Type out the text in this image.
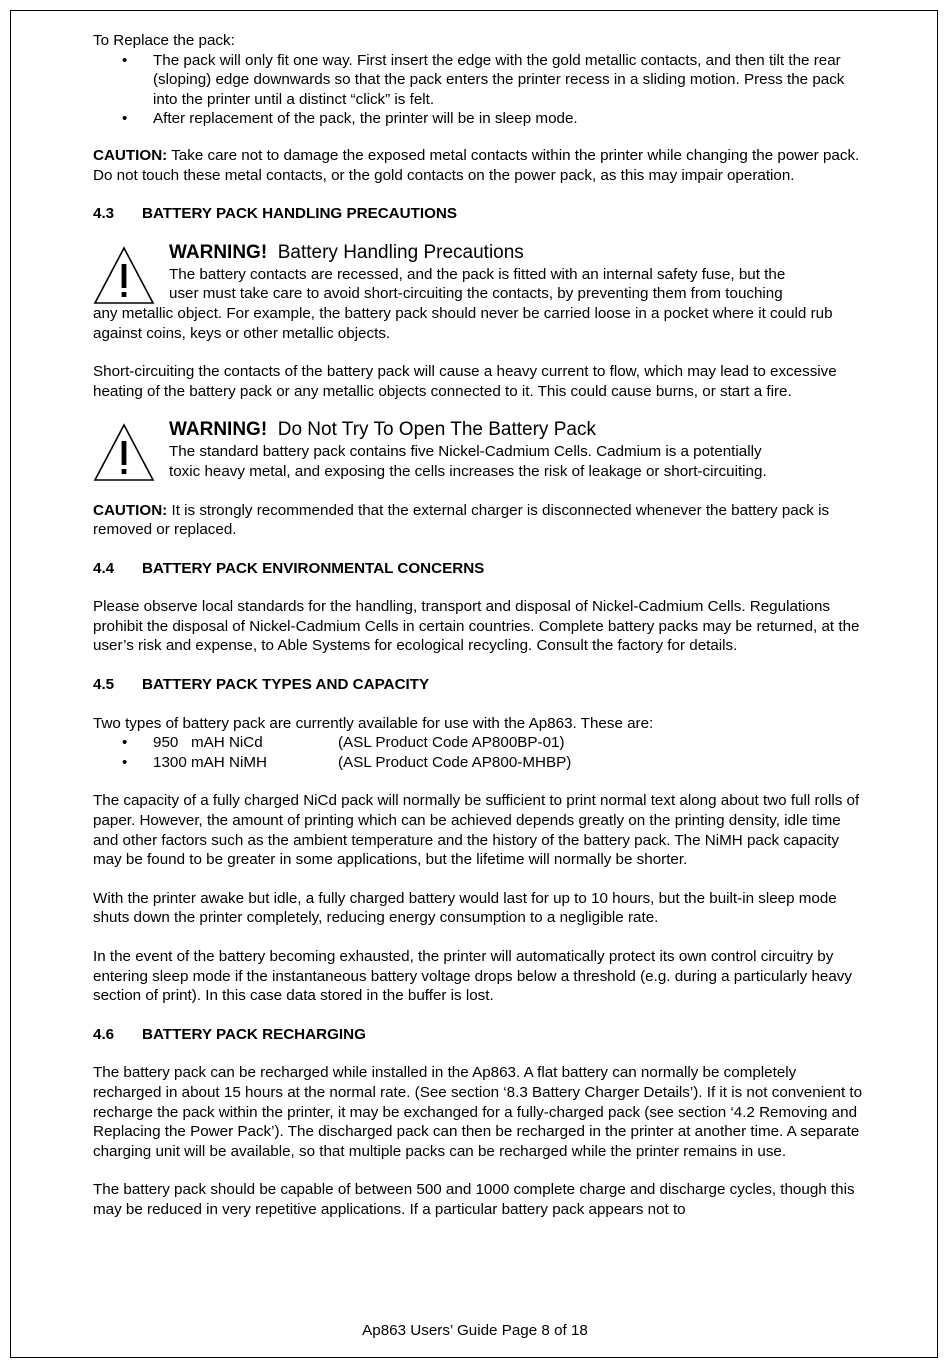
To Replace the pack:

• The pack will only fit one way. First insert the edge with the gold metallic contacts, and then tilt the rear (sloping) edge downwards so that the pack enters the printer recess in a sliding motion. Press the pack into the printer until a distinct “click” is felt.
• After replacement of the pack, the printer will be in sleep mode.

CAUTION: Take care not to damage the exposed metal contacts within the printer while changing the power pack. Do not touch these metal contacts, or the gold contacts on the power pack, as this may impair operation.

4.3 BATTERY PACK HANDLING PRECAUTIONS

WARNING! Battery Handling Precautions

The battery contacts are recessed, and the pack is fitted with an internal safety fuse, but the

user must take care to avoid short-circuiting the contacts, by preventing them from touching

any metallic object. For example, the battery pack should never be carried loose in a pocket where it could rub against coins, keys or other metallic objects.

Short-circuiting the contacts of the battery pack will cause a heavy current to flow, which may lead to excessive heating of the battery pack or any metallic objects connected to it. This could cause burns, or start a fire.

WARNING! Do Not Try To Open The Battery Pack

The standard battery pack contains five Nickel-Cadmium Cells. Cadmium is a potentially

toxic heavy metal, and exposing the cells increases the risk of leakage or short-circuiting.

CAUTION: It is strongly recommended that the external charger is disconnected whenever the battery pack is removed or replaced.

4.4 BATTERY PACK ENVIRONMENTAL CONCERNS

Please observe local standards for the handling, transport and disposal of Nickel-Cadmium Cells. Regulations prohibit the disposal of Nickel-Cadmium Cells in certain countries. Complete battery packs may be returned, at the user’s risk and expense, to Able Systems for ecological recycling. Consult the factory for details.

4.5 BATTERY PACK TYPES AND CAPACITY

Two types of battery pack are currently available for use with the Ap863. These are:

• 950   mAH NiCd	(ASL Product Code AP800BP-01)
• 1300 mAH NiMH	(ASL Product Code AP800-MHBP)

The capacity of a fully charged NiCd pack will normally be sufficient to print normal text along about two full rolls of paper. However, the amount of printing which can be achieved depends greatly on the printing density, idle time and other factors such as the ambient temperature and the history of the battery pack. The NiMH pack capacity may be found to be greater in some applications, but the lifetime will normally be shorter.

With the printer awake but idle, a fully charged battery would last for up to 10 hours, but the built-in sleep mode shuts down the printer completely, reducing energy consumption to a negligible rate.

In the event of the battery becoming exhausted, the printer will automatically protect its own control circuitry by entering sleep mode if the instantaneous battery voltage drops below a threshold (e.g. during a particularly heavy section of print). In this case data stored in the buffer is lost.

4.6 BATTERY PACK RECHARGING

The battery pack can be recharged while installed in the Ap863. A flat battery can normally be completely recharged in about 15 hours at the normal rate. (See section ‘8.3 Battery Charger Details’). If it is not convenient to recharge the pack within the printer, it may be exchanged for a fully-charged pack (see section ‘4.2 Removing and Replacing the Power Pack’). The discharged pack can then be recharged in the printer at another time. A separate charging unit will be available, so that multiple packs can be recharged while the printer remains in use.

The battery pack should be capable of between 500 and 1000 complete charge and discharge cycles, though this may be reduced in very repetitive applications. If a particular battery pack appears not to

Ap863 Users’ Guide Page 8 of 18
